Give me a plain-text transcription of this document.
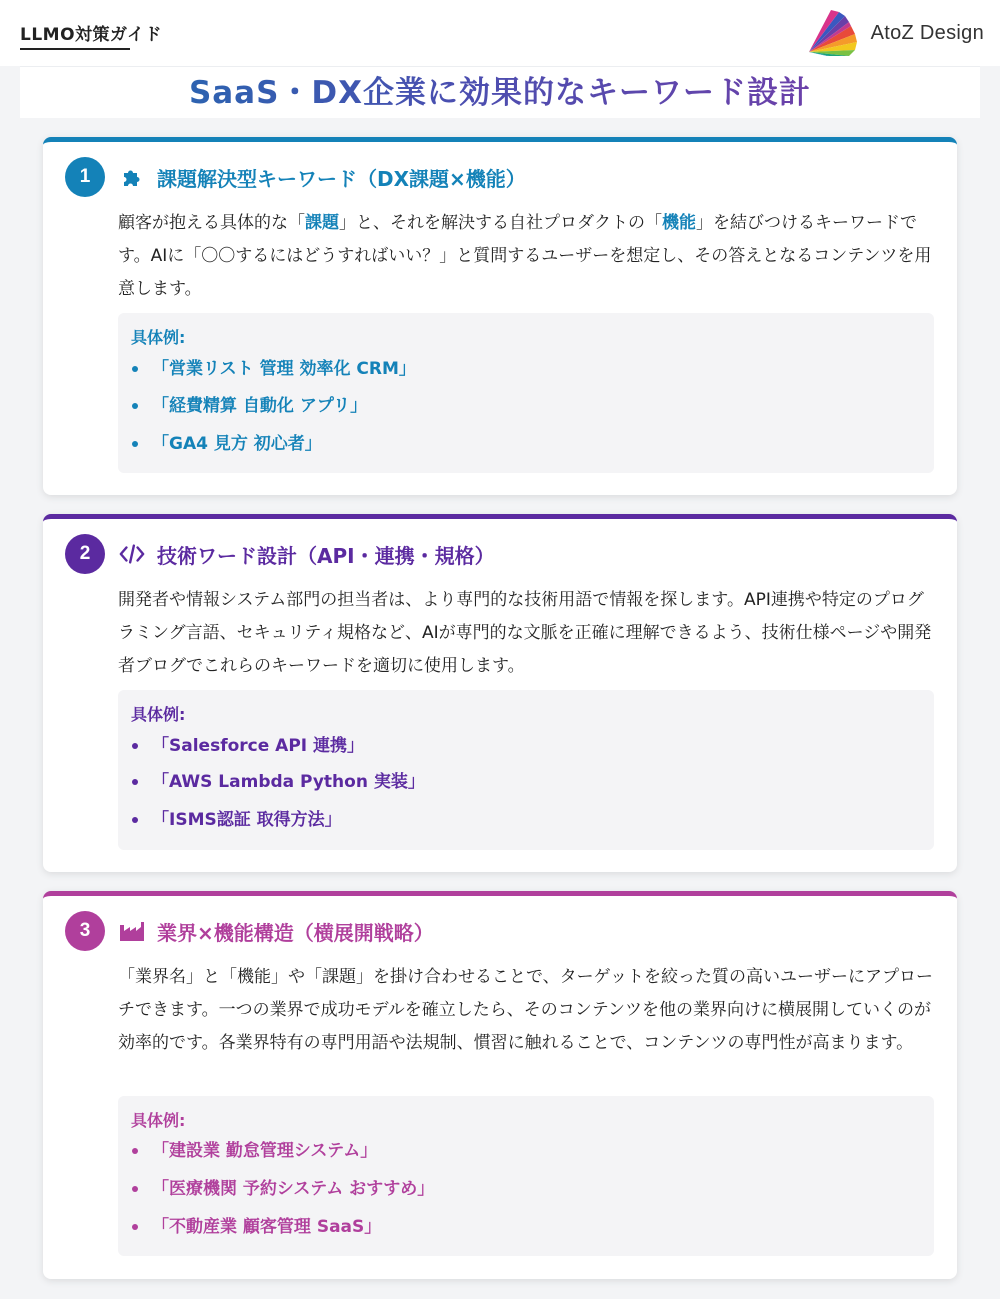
LLMO対策ガイド	AtoZ Design
SaaS・DX企業に効果的なキーワード設計
1	課題解決型キーワード（DX課題×機能）

顧客が抱える具体的な「課題」と、それを解決する自社プロダクトの「機能」を結びつけるキーワードです。AIに「〇〇するにはどうすればいい？」と質問するユーザーを想定し、その答えとなるコンテンツを用意します。

具体例:
「営業リスト 管理 効率化 CRM」
「経費精算 自動化 アプリ」
「GA4 見方 初心者」
2	技術ワード設計（API・連携・規格）

開発者や情報システム部門の担当者は、より専門的な技術用語で情報を探します。API連携や特定のプログラミング言語、セキュリティ規格など、AIが専門的な文脈を正確に理解できるよう、技術仕様ページや開発者ブログでこれらのキーワードを適切に使用します。

具体例:
「Salesforce API 連携」
「AWS Lambda Python 実装」
「ISMS認証 取得方法」
3	業界×機能構造（横展開戦略）

「業界名」と「機能」や「課題」を掛け合わせることで、ターゲットを絞った質の高いユーザーにアプローチできます。一つの業界で成功モデルを確立したら、そのコンテンツを他の業界向けに横展開していくのが効率的です。各業界特有の専門用語や法規制、慣習に触れることで、コンテンツの専門性が高まります。

具体例:
「建設業 勤怠管理システム」
「医療機関 予約システム おすすめ」
「不動産業 顧客管理 SaaS」
